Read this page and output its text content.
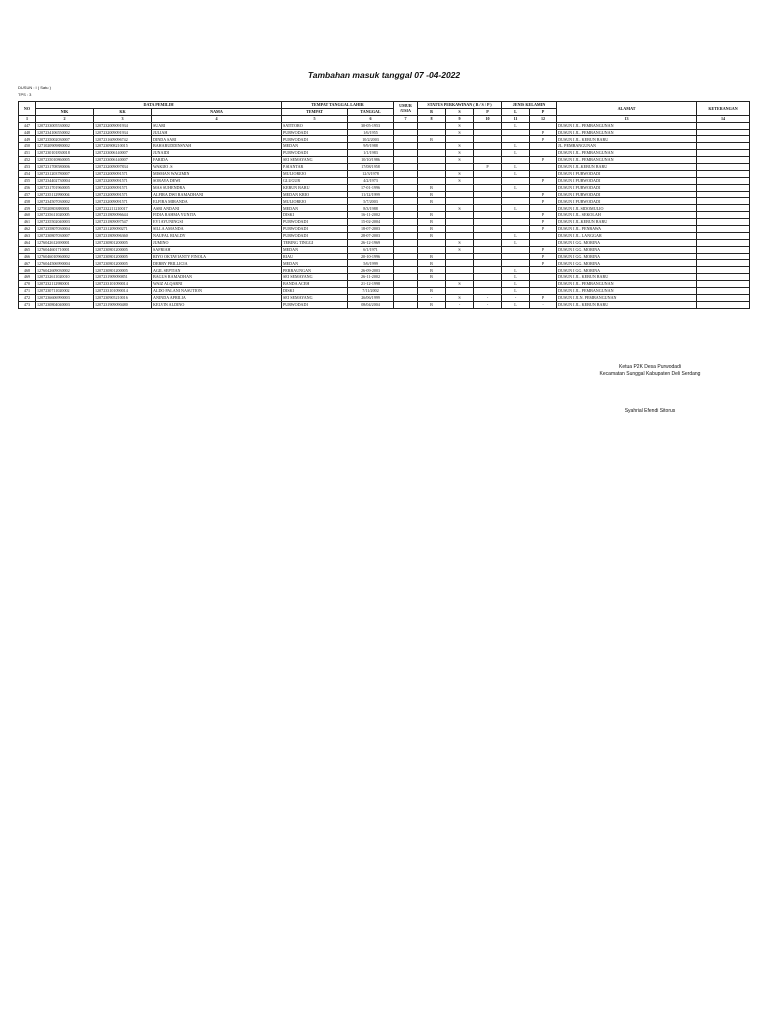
Tambahan masuk tanggal 07 -04-2022
DUSUN : I ( Satu )
TPS : 3
NO	DATA PEMILIH			TEMPAT TANGGAL LAHIR		UMUR /USIA	STATUS PERKAWINAN ( B / S / P )			JENIS KELAMIN		ALAMAT	KETERANGAN
	NIK	KK	NAMA	TEMPAT	TANGGAL		B	S	P	L	P		
1	2	3	4	5	6	7	8	9	10	11	12	13	14
447	1207233005530002	1207232009091934	SUARI	SATITORO	30-05-1953			S		L		DUSUN I JL. PEMBANGUNAN	
448	1207234106550002	1207232009091934	JULIAH	PURWODADI	1/6/1955			S			P	DUSUN I JL. PEMBANGUNAN	
449	1207235002030007	1207231609096742	DINDA SARI	PURWODADI	10/2/2003		B				P	DUSUN I JL. KEBUN BARU	
450	1271020909880002	1207230908210015	BAHARUDDINSYAH	MEDAN	9/9/1988			S		L		JL. PEMBANGUNAN	
451	1207230101830018	1207233006140007	JUNAIDI	PURWODADI	1/1/1983			S		L		DUSUN I JL. PEMBANGUNAN	
452	1207235010860005	1207233006140007	FARIDA	SEI SEMAYANG	10/10/1986			S			P	DUSUN I JL. PEMBANGUNAN	
453	1207231708580006	1207232009097834	WAKIJO .S	P.SIANTAR	17/08/1958				P	L		DUSUN I JL.KEBUN BARU	
454	1207231203780007	1207232009091571	MISMAN WAGIMIN	MULIOREJO	12/3/1978			S		L		DUSUN I PURWODADI	
455	1207234402730004	1207232009091571	SORAYA DEWI	GLUGUR	4/2/1973			S			P	DUSUN I PURWODADI	
456	1207231701960005	1207232009091571	MAS SUHENDRA	KEBUN BARU	17-01-1996		B			L		DUSUN I PURWODADI	
457	1207235112990004	1207232009091571	ALFIRA DWI RAMADHANI	MEDAN KRIO	11/12/1999		B				P	DUSUN I PURWODADI	
458	1207234507030002	1207232009091571	ELFIRA MIRANDA	MULIOREJO	5/7/2003		B				P	DUSUN I PURWODADI	
459	1275020803880001	1207232211210017	ASRI ANDANI	MEDAN	8/3/1988			S		L		DUSUN I JL SIDOMULIO	
460	1207235611020005	1207231809096644	FIDIA RAHMA YUNITA	DISKI	16-11-2002		B				P	DUSUN I JL. SEKOLAH	
461	1207235502040003	1207231809097547	EVI AYUNINGSI	PURWODADI	15-02-2004		B				P	DUSUN I JL.KEBUN BARU	
462	1207235807030004	1207231209090271	SILLA AMANDA	PURWODADI	18-07-2003		B				P	DUSUN I JL. PENBAWA	
463	1207230807030007	1207231809096360	NAUFAL RIALDY	PURWODADI	28-07-2003		B			L		DUSUN I JL. LANGGAR	
464	1276042612690001	1207230801200005	JUMINO	TEBING TINGGI	26-12-1969			S		L		DUSUN I GG. MORINA	
465	1276044601710001	1207230801200005	SAFRIAH	MEDAN	6/1/1971			S			P	DUSUN I GG. MORINA	
466	1276046010960002	1207230801200005	RIYO OKTAVIANTY FINOLA	RIAU	20-10-1996		B				P	DUSUN I GG. MORINA	
467	1276044506990004	1207230801200005	DEBBY PRILLICIA	MEDAN	5/6/1999		B				P	DUSUN I GG. MORINA	
468	1276042609030002	1207230801200005	AGIL SEPTIAN	PERBAUNGAN	26-09-2003		B			L		DUSUN I GG. MORINA	
469	1207232611020010	1207231909090851	BAGUS RAMADHAN	SEI SEMAYANG	26-11-2002		B			L		DUSUN I JL. KEBUN BARU	
470	1207232112980001	1207233101090014	WAIZ ALQARNI	BANDA ACEH	21-12-1998			S		L		DUSUN I JL. PEMBANGUNAN	
471	1207230711020002	1207233101090014	ALDO PALANI NASUTION	DISKI	7/11/2002		B			L		DUSUN I JL. PEMBANGUNAN	
472	1207236606990003	1207230905210016	ANINDA APRILIA	SEI SEMAYANG	26/06/1999		-	S	-	-	P	DUSUN I JLN. PEMBANGUNAN	
473	1207230804040003	1207231909090480	KELVIN ALDINO	PURWODADI	08/04/2004		B	-	-	L	-	DUSUN I JL. KEBUN BARU	
Ketua P2K Desa Purwodadi
Kecamatan Sunggal Kabupaten Deli Serdang
Syahrial Efendi Sitorus
